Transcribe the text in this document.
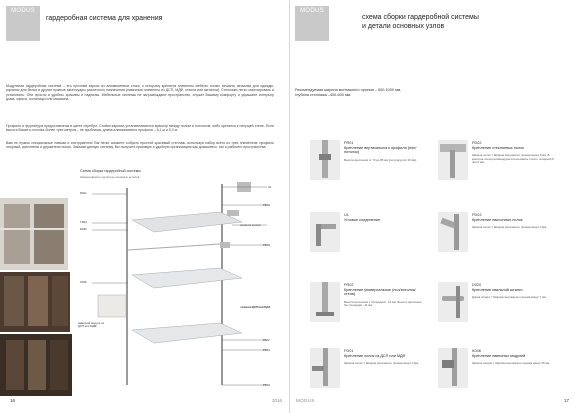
MODUS
гардеробная система для хранения
Модульная гардеробная система – это прочный каркас из алюминиевых стоек, к которому крепятся элементы мебели: полки, вешала, вешалки для одежды, корзины для белья и другие нужные аксессуары различного назначения (навесные элементы из ДСП, МДФ, стекла или металла). Стеллажи легко смонтировать и установить. Они просты и удобны, красивы и надежны. Мебельные системы не загромождают пространство, служат Вашему комфорту и украшают интерьер дома, офиса, гостиницы или магазина.
Профиль и фурнитура предоставлены в цвете серебро. Стойки каркаса устанавливаются враспор между полом и потолком, либо крепятся к несущей стене. Если высота Вашего потолка более трех метров – не проблема: длина алюминиевого профиля – 6,1 м и 5,3 м.
Вам не нужны специальные навыки и инструменты! Вы легко сможете собрать простой красивый стеллаж, используя набор всего из трех элементов: профиль опорный, крепления и держатели полок. Заказав данную систему, Вы получите красивую и удобную организацию как домашнего, так и рабочего пространства.
Схема сборки гардеробной системы
Наименования и артикулы основных деталей
PA01
TR01
D020
K046
навесной модуль из ДСП или МДФ
U1
PD02
полка из стекла
PD03
полка из ДСП или МДФ
PA02
PD01
PR01
16	2016
MODUS
схема сборки гардеробной системы
и детали основных узлов
Рекомендуемая ширина монтажного проема – 600-1000 мм,
глубина стеллажа –400-600 мм.
PR01
Крепление вертикального профиля (пол/потолок)
Высота крепления от 70 до 85 мм (регулируется 15 мм)
PD02
Крепление стеклянных полок
Ширина полки = Ширина монтажного проема минус 8 мм. В качестве полок рекомендуем использовать стекло толщиной 8 или 6 мм.
U1
Угловое соединение
PD03
Крепление наклонных полок
Ширина полки = Ширина монтажного проема минус 2 мм.
PR02
Крепление универсальное (пол/потолок/стена)
Высота крепления с площадкой - 12 мм. Высота крепления без площадки - 11 мм
D020
Крепление овальной штанги
Длина штанги = Ширина монтажного проема минус 7 мм.
PD01
Крепление полок из ДСП или МДФ
Ширина полки = Ширина монтажного проема минус 2 мм
K046
Крепление навесных модулей
Ширина секции = Ширина монтажного проема минус 25 мм.
MODUS	17
